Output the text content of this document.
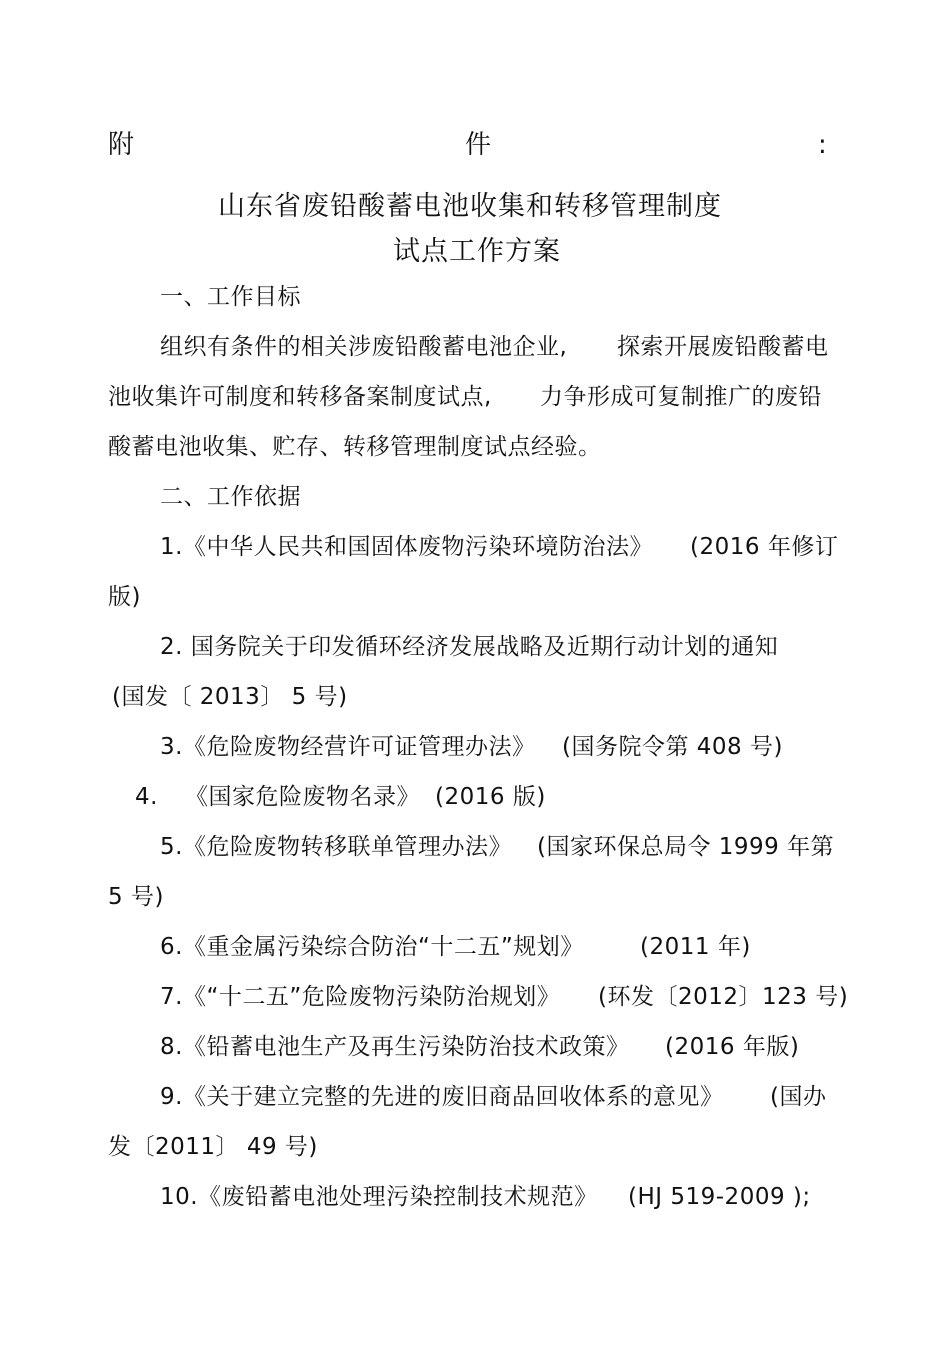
附	件	:
山东省废铅酸蓄电池收集和转移管理制度
试点工作方案
一、工作目标
组织有条件的相关涉废铅酸蓄电池企业, 探索开展废铅酸蓄电
池收集许可制度和转移备案制度试点, 力争形成可复制推广的废铅
酸蓄电池收集、贮存、转移管理制度试点经验。
二、工作依据
1.《中华人民共和国固体废物污染环境防治法》 (2016 年修订
版)
2. 国务院关于印发循环经济发展战略及近期行动计划的通知
(国发〔 2013〕 5 号)
3.《危险废物经营许可证管理办法》 (国务院令第 408 号)
4. 《国家危险废物名录》 (2016 版)
5.《危险废物转移联单管理办法》 (国家环保总局令 1999 年第
5 号)
6.《重金属污染综合防治“十二五”规划》 (2011 年)
7.《“十二五”危险废物污染防治规划》 (环发〔2012〕123 号)
8.《铅蓄电池生产及再生污染防治技术政策》 (2016 年版)
9.《关于建立完整的先进的废旧商品回收体系的意见》 (国办
发〔2011〕 49 号)
10.《废铅蓄电池处理污染控制技术规范》 (HJ 519-2009 );
